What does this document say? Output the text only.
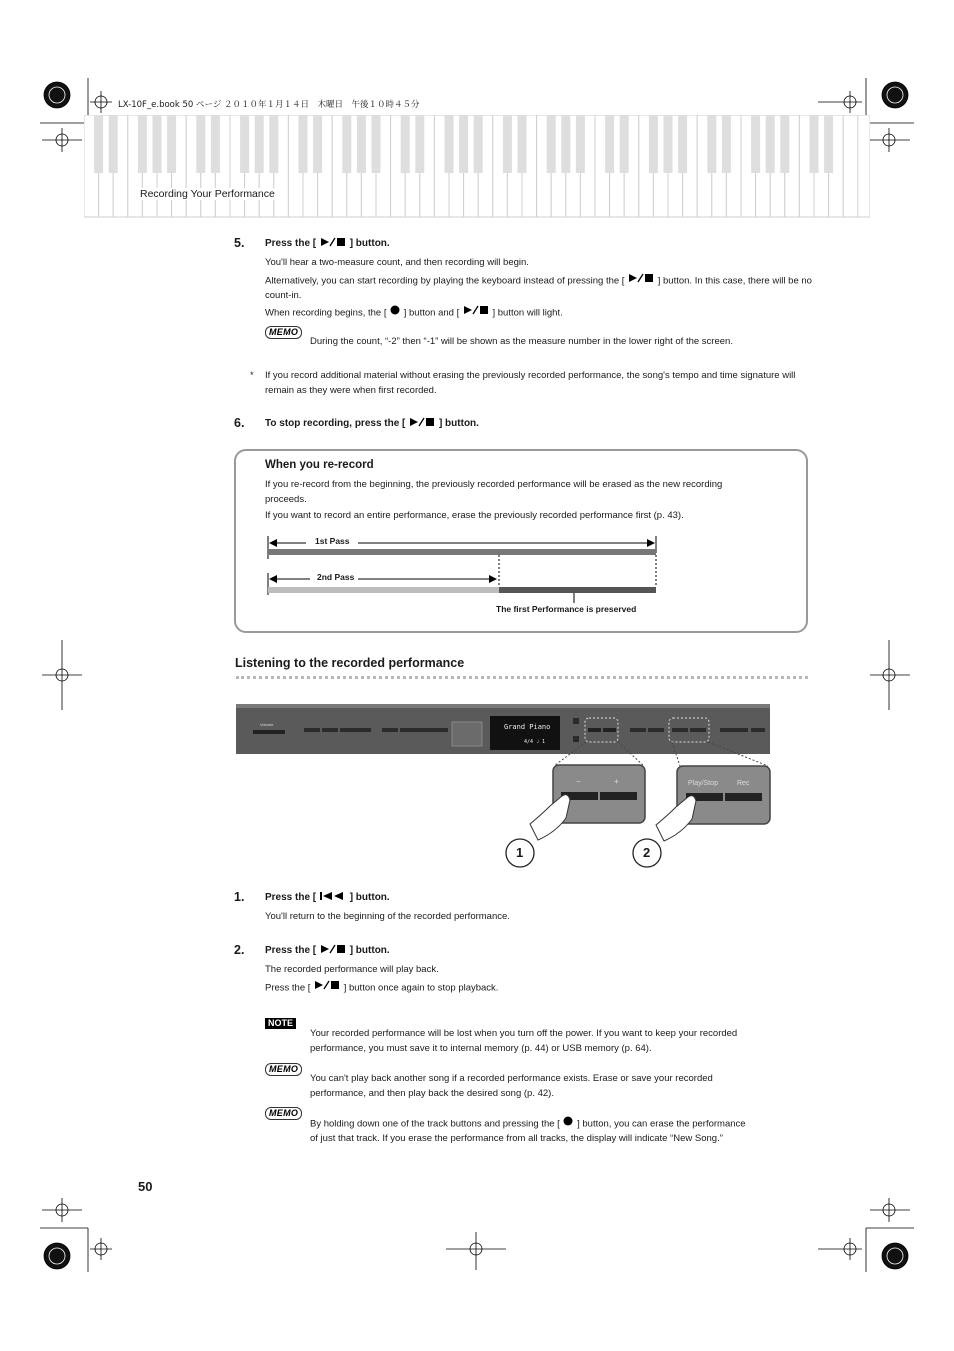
LX-10F_e.book 50 ページ ２０１０年１月１４日　木曜日　午後１０時４５分
Recording Your Performance
5. Press the [	] button.
You'll hear a two-measure count, and then recording will begin.
Alternatively, you can start recording by playing the keyboard instead of pressing the [	] button. In this case, there will be no count-in.
When recording begins, the [ ] button and [	] button will light.
MEMO
During the count, “-2” then “-1” will be shown as the measure number in the lower right of the screen.
* If you record additional material without erasing the previously recorded performance, the song's tempo and time signature will remain as they were when first recorded.
6. To stop recording, press the [	] button.
When you re-record
If you re-record from the beginning, the previously recorded performance will be erased as the new recording proceeds.
If you want to record an entire performance, erase the previously recorded performance first (p. 43).
1st Pass
2nd Pass
The first Performance is preserved
Listening to the recorded performance
Volume	Grand Piano
4/4 ♩ 1
−	+	Play/Stop	Rec
1	2
1. Press the [	] button.
You'll return to the beginning of the recorded performance.
2. Press the [	] button.
The recorded performance will play back.
Press the [	] button once again to stop playback.
NOTE
Your recorded performance will be lost when you turn off the power. If you want to keep your recorded performance, you must save it to internal memory (p. 44) or USB memory (p. 64).
MEMO
You can't play back another song if a recorded performance exists. Erase or save your recorded performance, and then play back the desired song (p. 42).
MEMO
By holding down one of the track buttons and pressing the [ ] button, you can erase the performance of just that track. If you erase the performance from all tracks, the display will indicate “New Song.”
50
